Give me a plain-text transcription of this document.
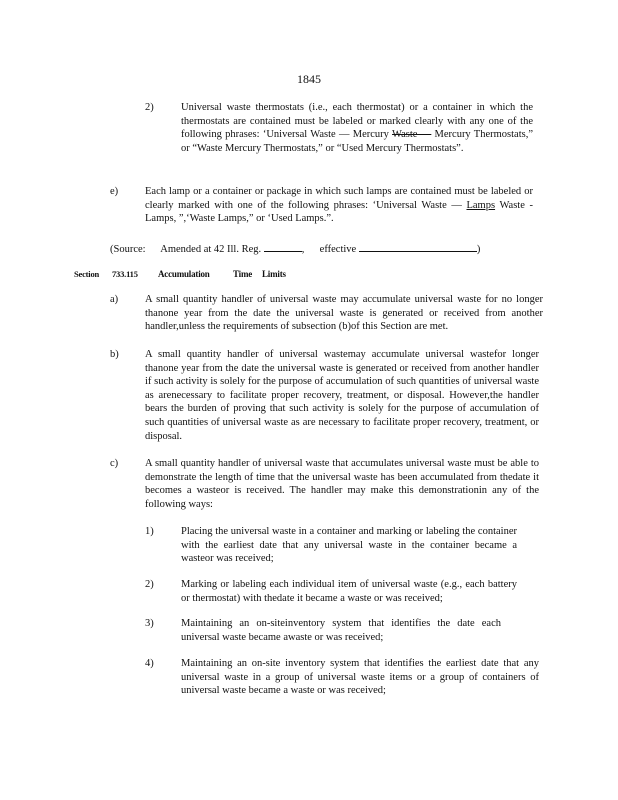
1845
2)	Universal waste thermostats (i.e., each thermostat) or a container in which the thermostats are contained must be labeled or marked clearly with any one of the following phrases: ‘Universal Waste — Mercury Waste — Mercury Thermostats,” or “Waste Mercury Thermostats,” or “Used Mercury Thermostats”.
e)	Each lamp or a container or package in which such lamps are contained must be labeled or clearly marked with one of the following phrases: ‘Universal Waste — Lamps Waste -Lamps, ”,‘Waste Lamps,” or ‘Used Lamps.”.
(Source: Amended at 42 Ill. Reg.	, effective	)
Section 733.115 Accumulation	Time Limits
a)	A small quantity handler of universal waste may accumulate universal waste for no longer thanone year from the date the universal waste is generated or received from another handler,unless the requirements of subsection (b)of this Section are met.
b)	A small quantity handler of universal wastemay accumulate universal wastefor longer thanone year from the date the universal waste is generated or received from another handler if such activity is solely for the purpose of accumulation of such quantities of universal waste as arenecessary to facilitate proper recovery, treatment, or disposal. However,the handler bears the burden of proving that such activity is solely for the purpose of accumulation of such quantities of universal waste as are necessary to facilitate proper recovery, treatment, or disposal.
c)	A small quantity handler of universal waste that accumulates universal waste must be able to demonstrate the length of time that the universal waste has been accumulated from thedate it becomes a wasteor is received. The handler may make this demonstrationin any of the following ways:
1)	Placing the universal waste in a container and marking or labeling the container with the earliest date that any universal waste in the container became a wasteor was received;
2)	Marking or labeling each individual item of universal waste (e.g., each battery or thermostat) with thedate it became a waste or was received;
3)	Maintaining an on-siteinventory system that identifies the date each universal waste became awaste or was received;
4)	Maintaining an on-site inventory system that identifies the earliest date that any universal waste in a group of universal waste items or a group of containers of universal waste became a waste or was received;
